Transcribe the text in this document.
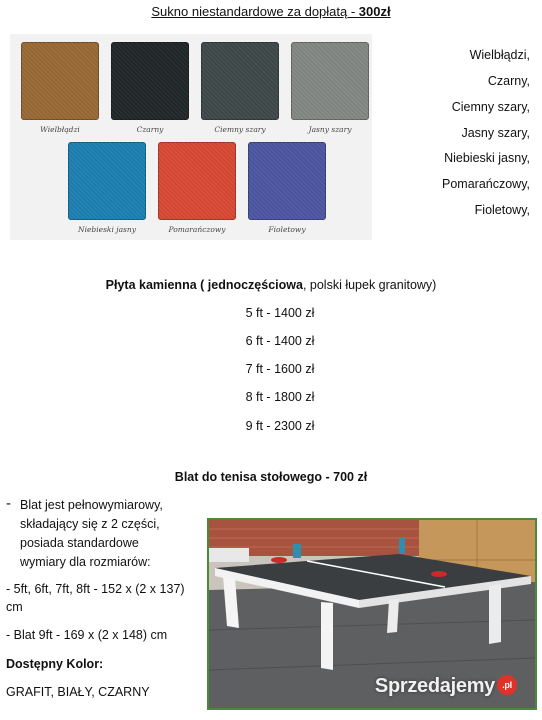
Sukno niestandardowe za dopłatą - 300zł
Wielbłądzi	Czarny	Ciemny szary	Jasny szary
Niebieski jasny	Pomarańczowy	Fioletowy
Wielbłądzi,
Czarny,
Ciemny szary,
Jasny szary,
Niebieski jasny,
Pomarańczowy,
Fioletowy,
Płyta kamienna ( jednoczęściowa, polski łupek granitowy)
5 ft - 1400 zł
6 ft - 1400 zł
7 ft - 1600 zł
8 ft - 1800 zł
9 ft - 2300 zł
Blat do tenisa stołowego - 700 zł
- Blat jest pełnowymiarowy,
składający się z 2 części,
posiada standardowe
wymiary dla rozmiarów:
- 5ft, 6ft, 7ft, 8ft - 152 x (2 x 137)
cm
- Blat 9ft - 169 x (2 x 148) cm
Dostępny Kolor:
GRAFIT, BIAŁY, CZARNY	Sprzedajemy .pl
